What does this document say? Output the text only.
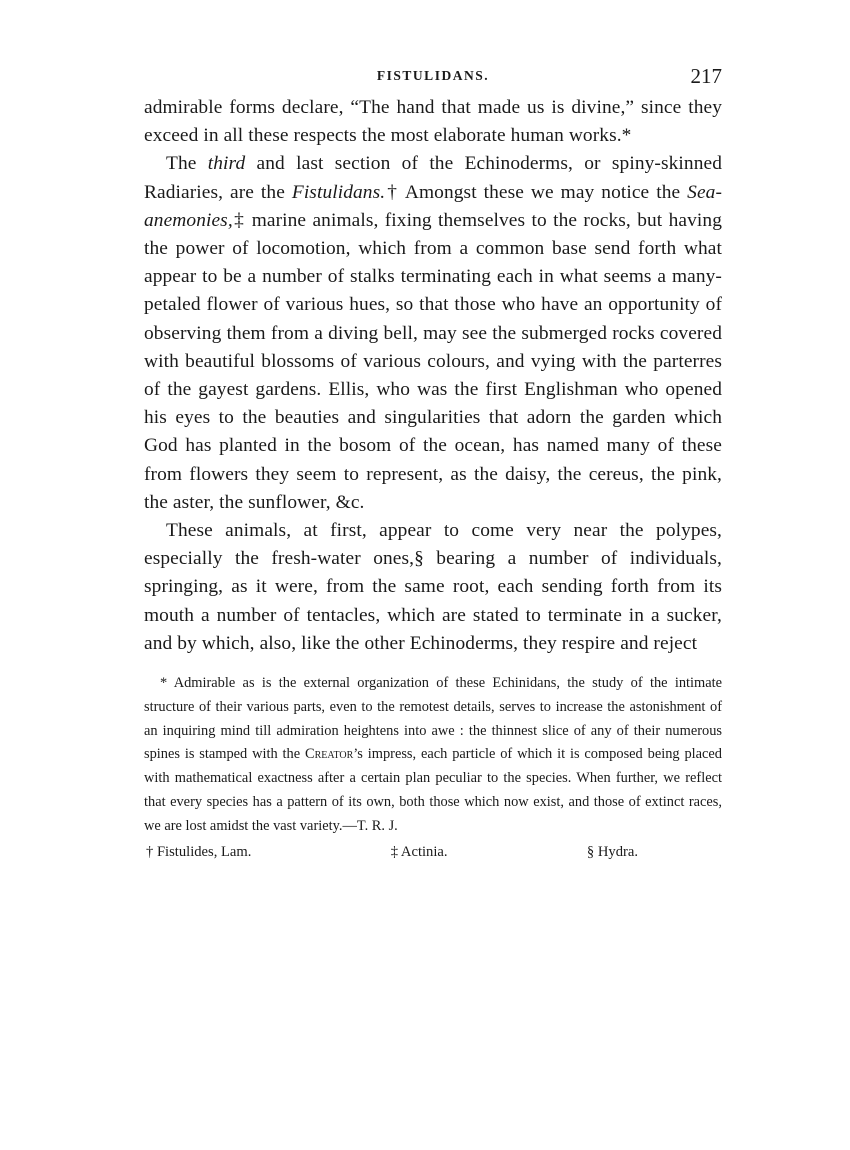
FISTULIDANS.	217

admirable forms declare, “The hand that made us is divine,” since they exceed in all these respects the most elaborate human works.*

The third and last section of the Echinoderms, or spiny-skinned Radiaries, are the Fistulidans.† Amongst these we may notice the Sea-anemonies,‡ marine animals, fixing themselves to the rocks, but having the power of locomotion, which from a common base send forth what appear to be a number of stalks terminating each in what seems a many-petaled flower of various hues, so that those who have an opportunity of observing them from a diving bell, may see the submerged rocks covered with beautiful blossoms of various colours, and vying with the parterres of the gayest gardens. Ellis, who was the first Englishman who opened his eyes to the beauties and singularities that adorn the garden which God has planted in the bosom of the ocean, has named many of these from flowers they seem to represent, as the daisy, the cereus, the pink, the aster, the sunflower, &c.

These animals, at first, appear to come very near the polypes, especially the fresh-water ones,§ bearing a number of individuals, springing, as it were, from the same root, each sending forth from its mouth a number of tentacles, which are stated to terminate in a sucker, and by which, also, like the other Echinoderms, they respire and reject

* Admirable as is the external organization of these Echinidans, the study of the intimate structure of their various parts, even to the remotest details, serves to increase the astonishment of an inquiring mind till admiration heightens into awe : the thinnest slice of any of their numerous spines is stamped with the Creator’s impress, each particle of which it is composed being placed with mathematical exactness after a certain plan peculiar to the species. When further, we reflect that every species has a pattern of its own, both those which now exist, and those of extinct races, we are lost amidst the vast variety.—T. R. J.

† Fistulides, Lam.	‡ Actinia.	§ Hydra.
